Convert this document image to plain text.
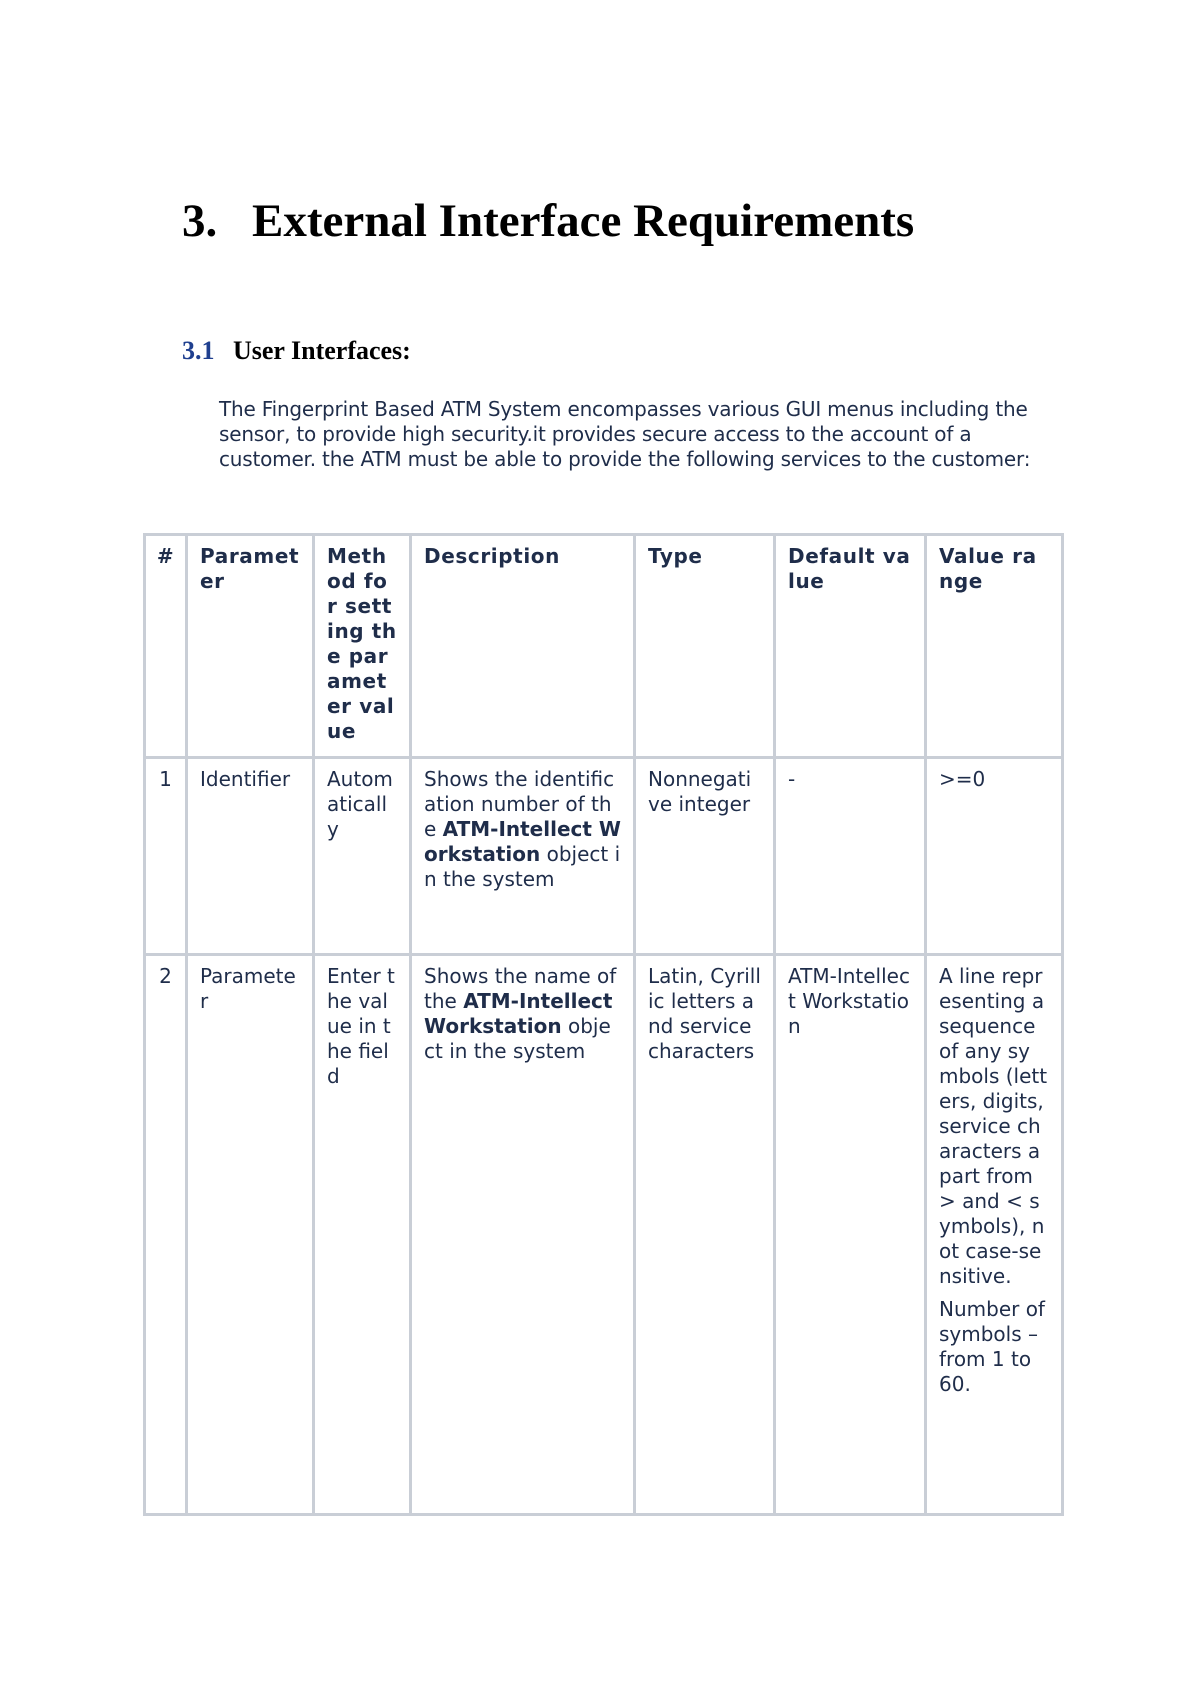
3. External Interface Requirements
3.1 User Interfaces:
The Fingerprint Based ATM System encompasses various GUI menus including the
sensor, to provide high security.it provides secure access to the account of a
customer. the ATM must be able to provide the following services to the customer:
#	Parameter	Method for setting the parameter value	Description	Type	Default value	Value range
1	Identifier	Automatically	Shows the identification number of the ATM-Intellect Workstation object in the system	Nonnegative integer	-	>=0
2	Parameter	Enter the value in the field	Shows the name of the ATM-Intellect Workstation object in the system	Latin, Cyrillic letters and service characters	ATM-Intellect Workstation	A line representing a sequence of any symbols (letters, digits, service characters apart from > and < symbols), not case-sensitive.
Number of symbols – from 1 to 60.
